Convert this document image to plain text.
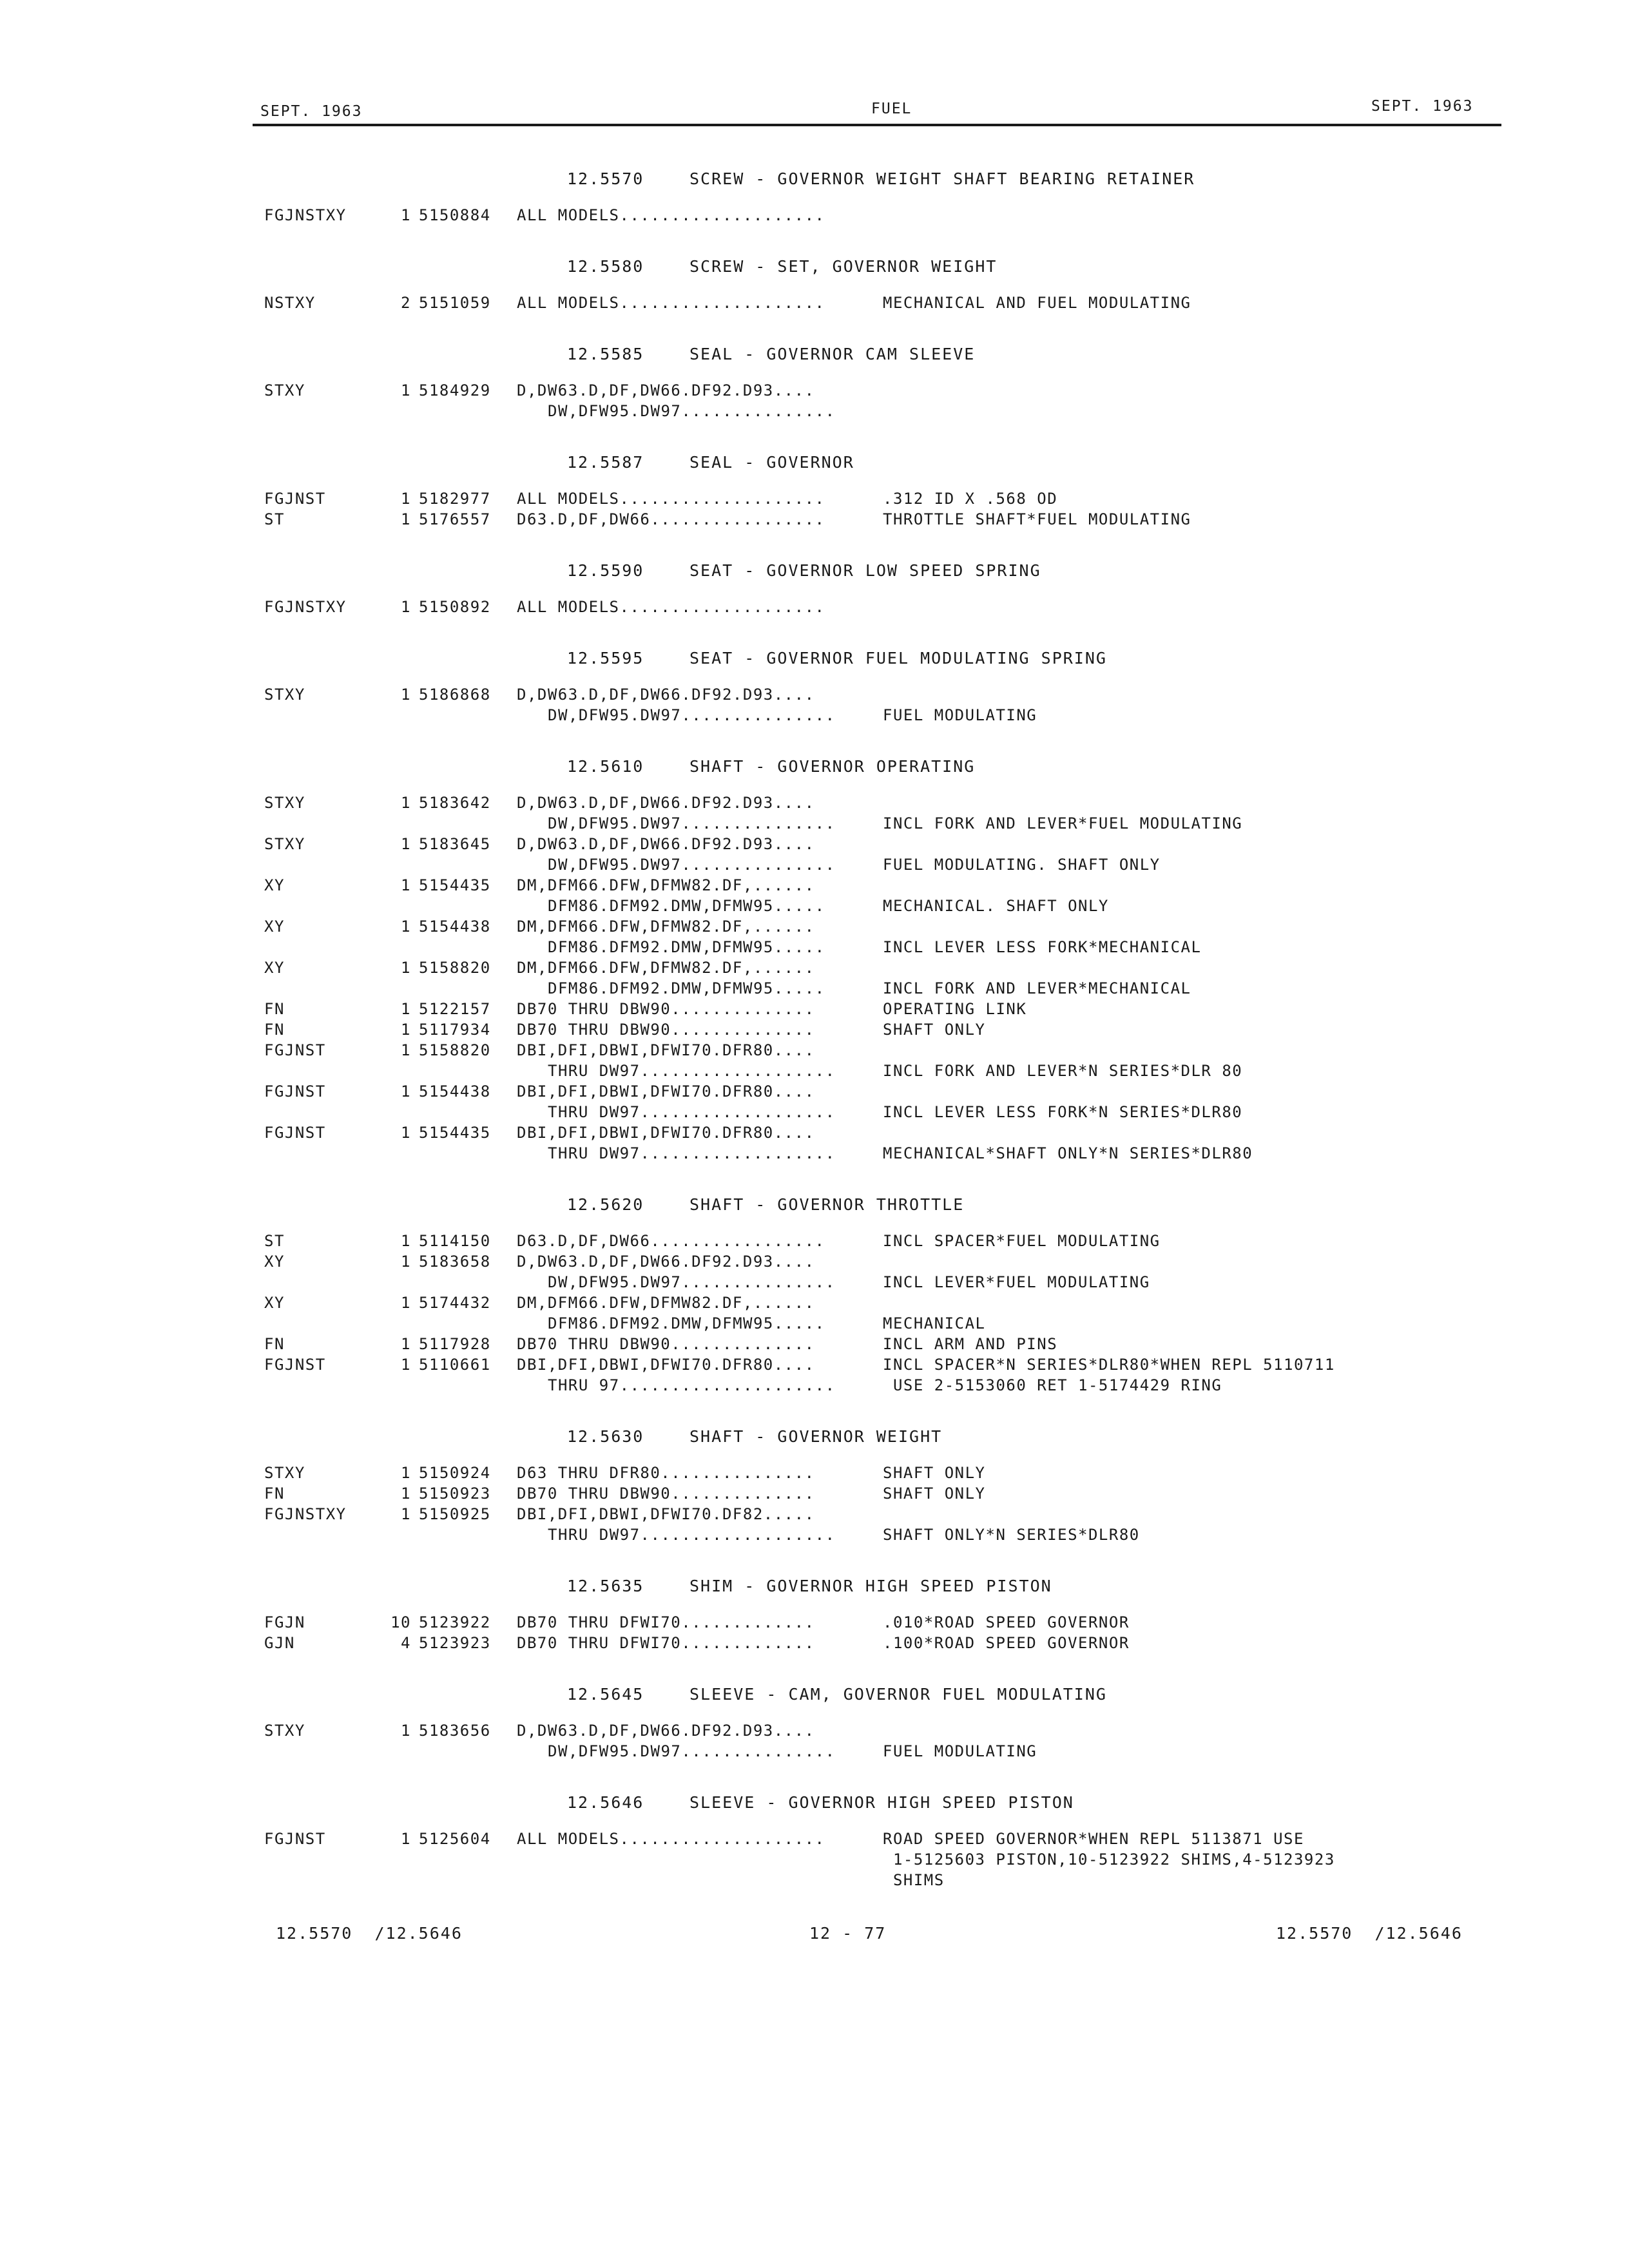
SEPT. 1963	FUEL	SEPT. 1963
12.5570	SCREW - GOVERNOR WEIGHT SHAFT BEARING RETAINER
FGJNSTXY	1 5150884 ALL MODELS....................
12.5580	SCREW - SET, GOVERNOR WEIGHT
NSTXY	2 5151059 ALL MODELS....................	MECHANICAL AND FUEL MODULATING
12.5585	SEAL - GOVERNOR CAM SLEEVE
STXY	1 5184929 D,DW63.D,DF,DW66.DF92.D93....
DW,DFW95.DW97...............
12.5587	SEAL - GOVERNOR
FGJNST	1 5182977 ALL MODELS....................	.312 ID X .568 OD
ST	1 5176557 D63.D,DF,DW66.................	THROTTLE SHAFT*FUEL MODULATING
12.5590	SEAT - GOVERNOR LOW SPEED SPRING
FGJNSTXY	1 5150892 ALL MODELS....................
12.5595	SEAT - GOVERNOR FUEL MODULATING SPRING
STXY	1 5186868 D,DW63.D,DF,DW66.DF92.D93....
DW,DFW95.DW97...............	FUEL MODULATING
12.5610	SHAFT - GOVERNOR OPERATING
STXY	1 5183642 D,DW63.D,DF,DW66.DF92.D93....
DW,DFW95.DW97...............	INCL FORK AND LEVER*FUEL MODULATING
STXY	1 5183645 D,DW63.D,DF,DW66.DF92.D93....
DW,DFW95.DW97...............	FUEL MODULATING. SHAFT ONLY
XY	1 5154435 DM,DFM66.DFW,DFMW82.DF,......
DFM86.DFM92.DMW,DFMW95.....	MECHANICAL. SHAFT ONLY
XY	1 5154438 DM,DFM66.DFW,DFMW82.DF,......
DFM86.DFM92.DMW,DFMW95.....	INCL LEVER LESS FORK*MECHANICAL
XY	1 5158820 DM,DFM66.DFW,DFMW82.DF,......
DFM86.DFM92.DMW,DFMW95.....	INCL FORK AND LEVER*MECHANICAL
FN	1 5122157 DB70 THRU DBW90..............	OPERATING LINK
FN	1 5117934 DB70 THRU DBW90..............	SHAFT ONLY
FGJNST	1 5158820 DBI,DFI,DBWI,DFWI70.DFR80....
THRU DW97...................	INCL FORK AND LEVER*N SERIES*DLR 80
FGJNST	1 5154438 DBI,DFI,DBWI,DFWI70.DFR80....
THRU DW97...................	INCL LEVER LESS FORK*N SERIES*DLR80
FGJNST	1 5154435 DBI,DFI,DBWI,DFWI70.DFR80....
THRU DW97...................	MECHANICAL*SHAFT ONLY*N SERIES*DLR80
12.5620	SHAFT - GOVERNOR THROTTLE
ST	1 5114150 D63.D,DF,DW66.................	INCL SPACER*FUEL MODULATING
XY	1 5183658 D,DW63.D,DF,DW66.DF92.D93....
DW,DFW95.DW97...............	INCL LEVER*FUEL MODULATING
XY	1 5174432 DM,DFM66.DFW,DFMW82.DF,......
DFM86.DFM92.DMW,DFMW95.....	MECHANICAL
FN	1 5117928 DB70 THRU DBW90..............	INCL ARM AND PINS
FGJNST	1 5110661 DBI,DFI,DBWI,DFWI70.DFR80....	INCL SPACER*N SERIES*DLR80*WHEN REPL 5110711
THRU 97.....................	USE 2-5153060 RET 1-5174429 RING
12.5630	SHAFT - GOVERNOR WEIGHT
STXY	1 5150924 D63 THRU DFR80...............	SHAFT ONLY
FN	1 5150923 DB70 THRU DBW90..............	SHAFT ONLY
FGJNSTXY	1 5150925 DBI,DFI,DBWI,DFWI70.DF82.....
THRU DW97...................	SHAFT ONLY*N SERIES*DLR80
12.5635	SHIM - GOVERNOR HIGH SPEED PISTON
FGJN	10 5123922 DB70 THRU DFWI70.............	.010*ROAD SPEED GOVERNOR
GJN	4 5123923 DB70 THRU DFWI70.............	.100*ROAD SPEED GOVERNOR
12.5645	SLEEVE - CAM, GOVERNOR FUEL MODULATING
STXY	1 5183656 D,DW63.D,DF,DW66.DF92.D93....
DW,DFW95.DW97...............	FUEL MODULATING
12.5646	SLEEVE - GOVERNOR HIGH SPEED PISTON
FGJNST	1 5125604 ALL MODELS....................	ROAD SPEED GOVERNOR*WHEN REPL 5113871 USE
1-5125603 PISTON,10-5123922 SHIMS,4-5123923
SHIMS
12.5570  /12.5646	12 - 77	12.5570  /12.5646
